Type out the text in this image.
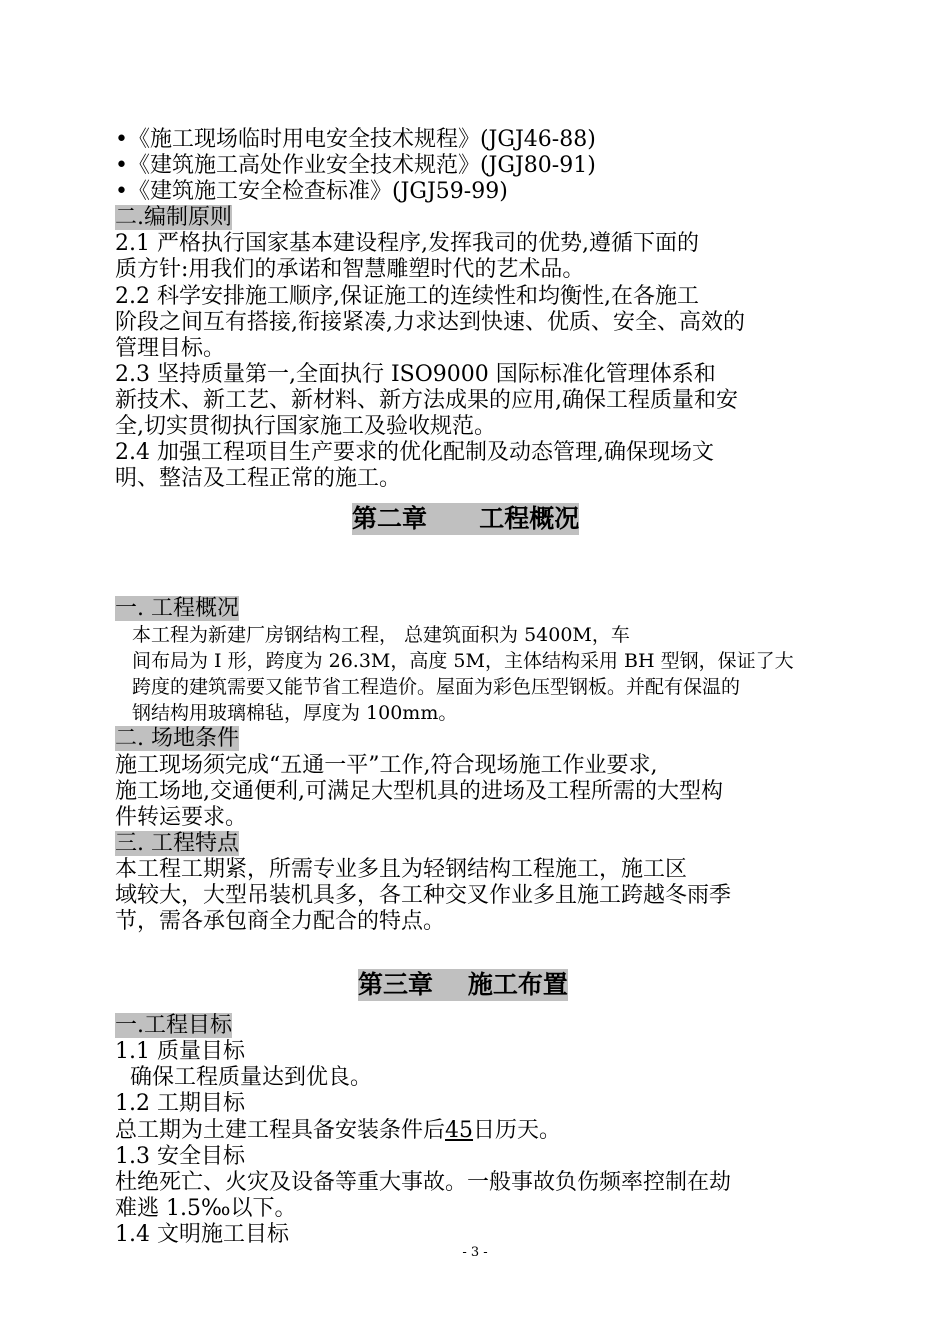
•《施工现场临时用电安全技术规程》(JGJ46-88)
•《建筑施工高处作业安全技术规范》(JGJ80-91)
•《建筑施工安全检查标准》(JGJ59-99)
二.编制原则
2.1 严格执行国家基本建设程序,发挥我司的优势,遵循下面的
质方针:用我们的承诺和智慧雕塑时代的艺术品。
2.2 科学安排施工顺序,保证施工的连续性和均衡性,在各施工
阶段之间互有搭接,衔接紧凑,力求达到快速、优质、安全、高效的
管理目标。
2.3 坚持质量第一,全面执行 ISO9000 国际标准化管理体系和
新技术、新工艺、新材料、新方法成果的应用,确保工程质量和安
全,切实贯彻执行国家施工及验收规范。
2.4 加强工程项目生产要求的优化配制及动态管理,确保现场文
明、整洁及工程正常的施工。
第二章      工程概况
一. 工程概况
本工程为新建厂房钢结构工程， 总建筑面积为 5400M，车
间布局为 I 形，跨度为 26.3M，高度 5M，主体结构采用 BH 型钢，保证了大
跨度的建筑需要又能节省工程造价。屋面为彩色压型钢板。并配有保温的
钢结构用玻璃棉毡，厚度为 100mm。
二. 场地条件
施工现场须完成“五通一平”工作,符合现场施工作业要求,
施工场地,交通便利,可满足大型机具的进场及工程所需的大型构
件转运要求。
三. 工程特点
本工程工期紧，所需专业多且为轻钢结构工程施工，施工区
域较大，大型吊装机具多，各工种交叉作业多且施工跨越冬雨季
节，需各承包商全力配合的特点。
第三章    施工布置
一.工程目标
1.1 质量目标
确保工程质量达到优良。
1.2 工期目标
总工期为土建工程具备安装条件后45日历天。
1.3 安全目标
杜绝死亡、火灾及设备等重大事故。一般事故负伤频率控制在劫
难逃 1.5‰以下。
1.4 文明施工目标
- 3 -
